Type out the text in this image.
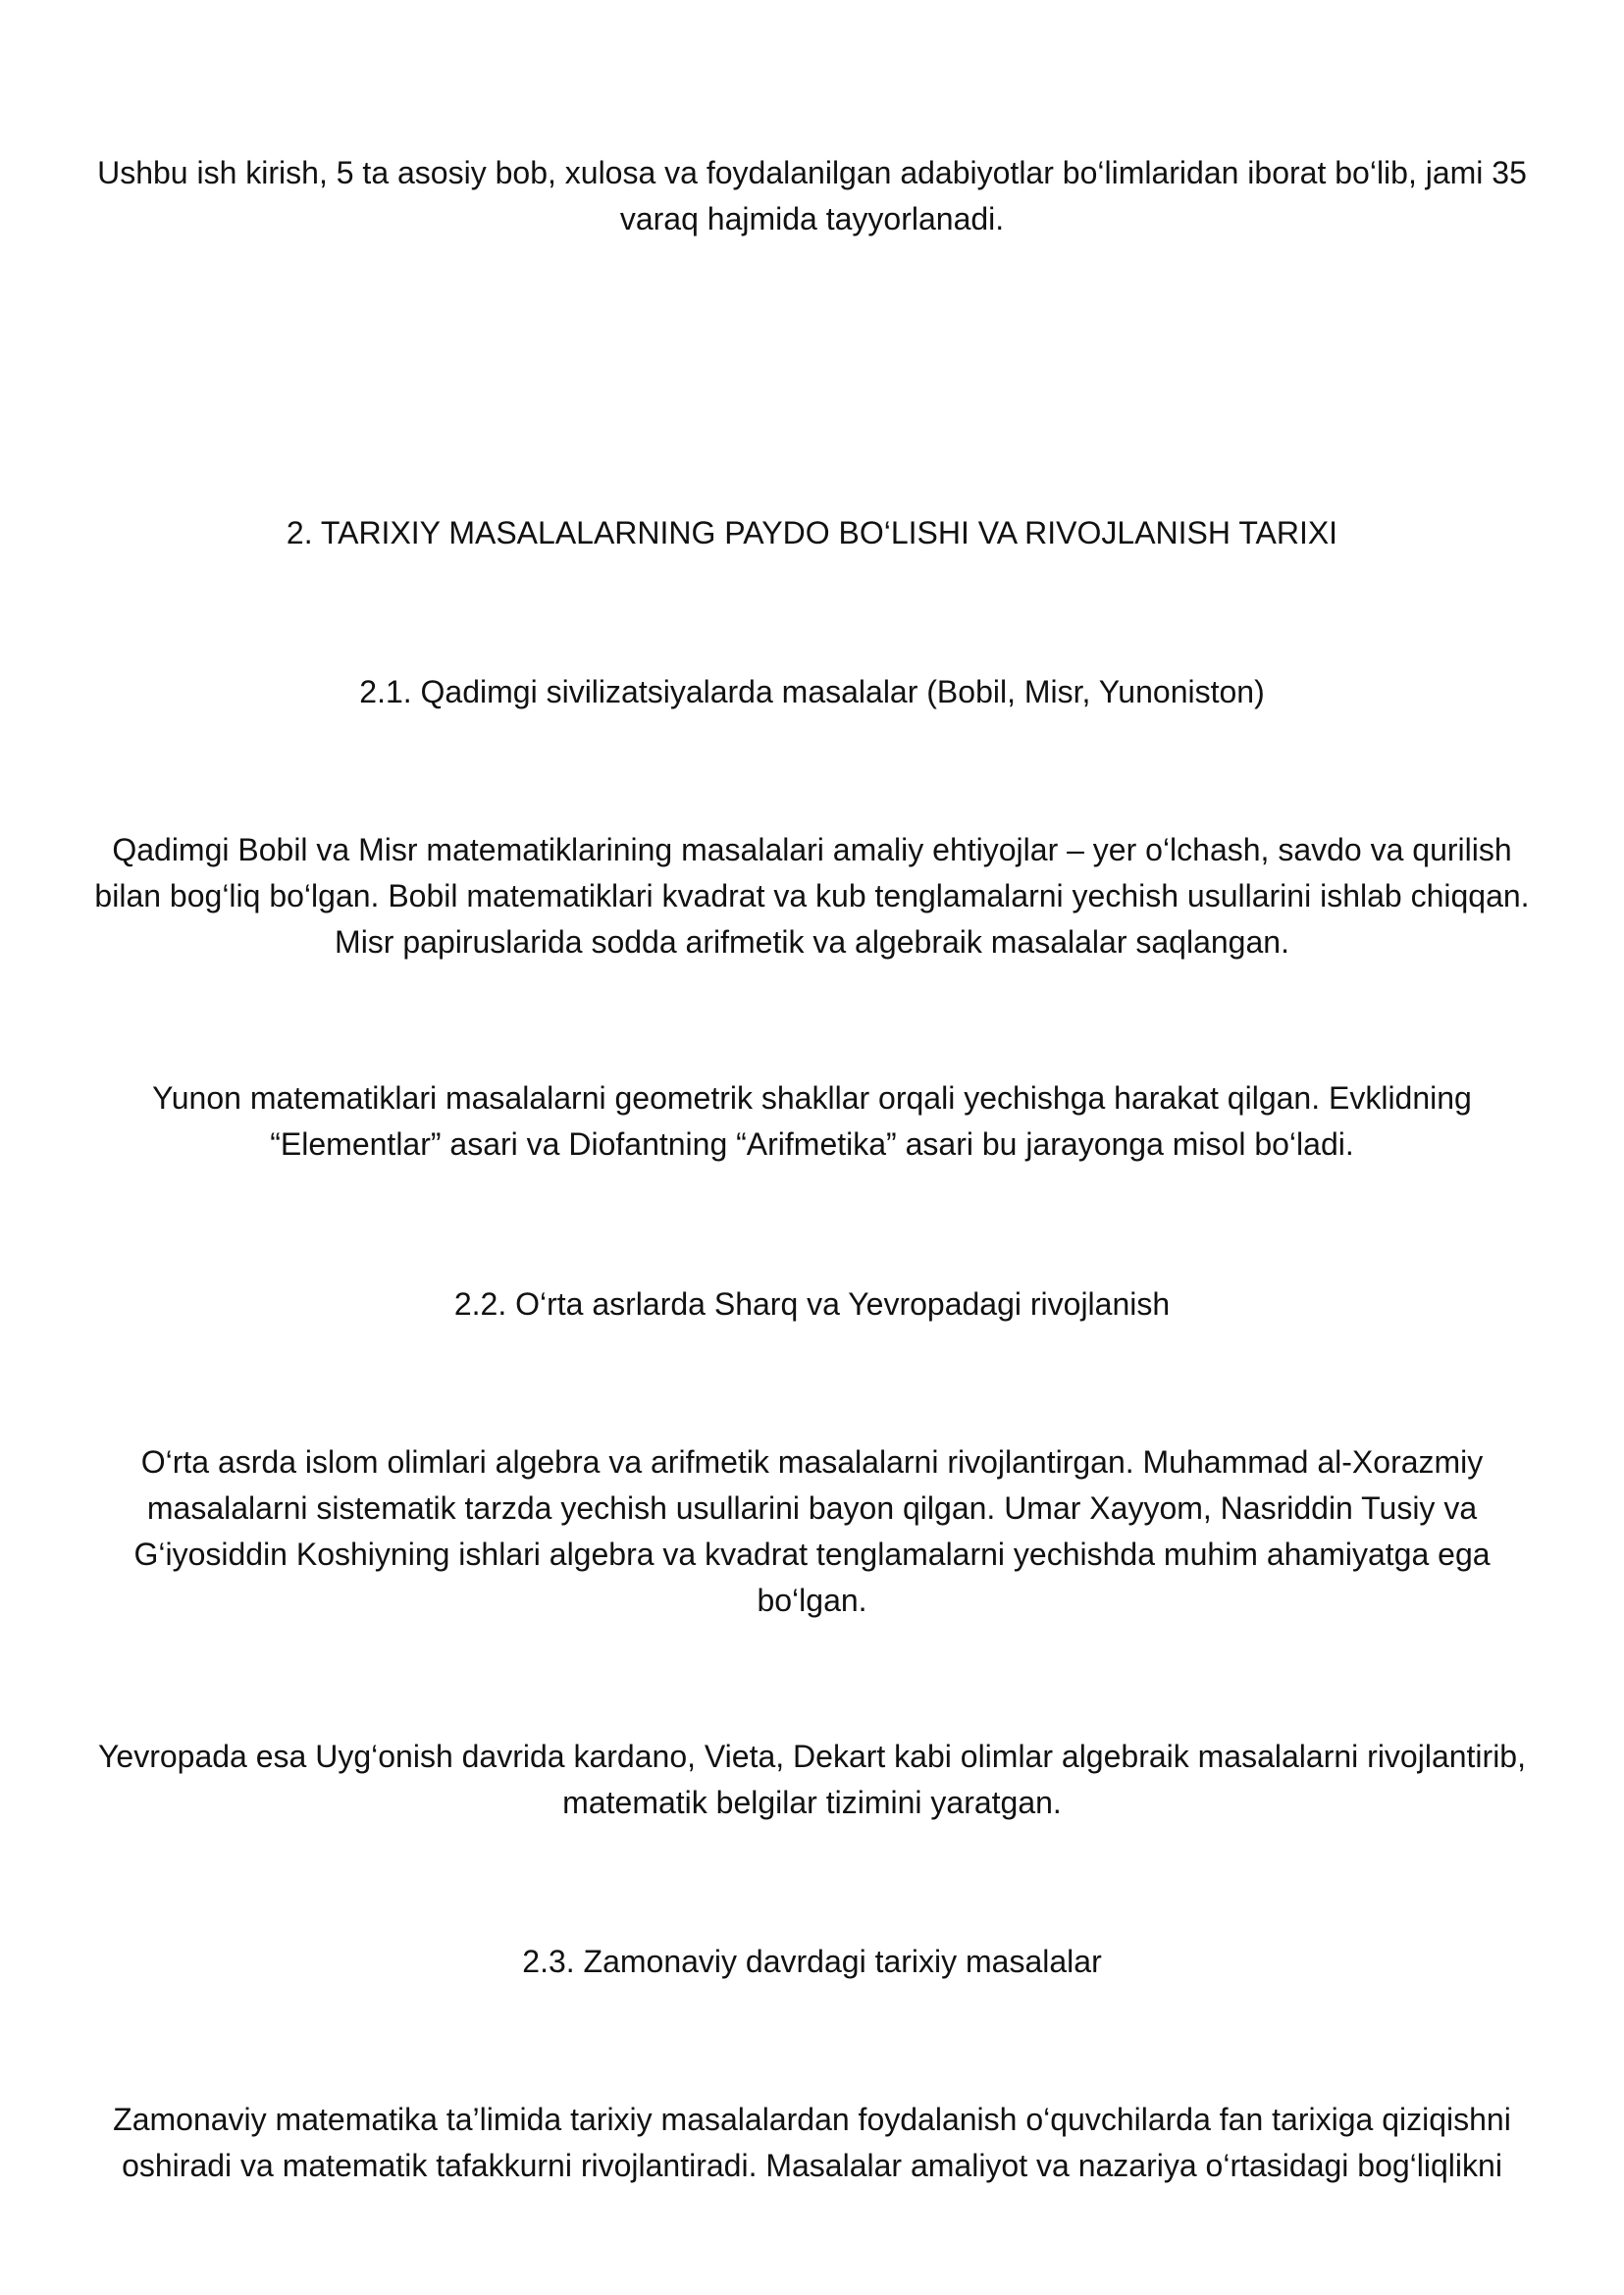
Ushbu ish kirish, 5 ta asosiy bob, xulosa va foydalanilgan adabiyotlar bo‘limlaridan iborat bo‘lib, jami 35 varaq hajmida tayyorlanadi.

2. TARIXIY MASALALARNING PAYDO BO‘LISHI VA RIVOJLANISH TARIXI
2.1. Qadimgi sivilizatsiyalarda masalalar (Bobil, Misr, Yunoniston)

Qadimgi Bobil va Misr matematiklarining masalalari amaliy ehtiyojlar – yer o‘lchash, savdo va qurilish bilan bog‘liq bo‘lgan. Bobil matematiklari kvadrat va kub tenglamalarni yechish usullarini ishlab chiqqan. Misr papiruslarida sodda arifmetik va algebraik masalalar saqlangan.

Yunon matematiklari masalalarni geometrik shakllar orqali yechishga harakat qilgan. Evklidning “Elementlar” asari va Diofantning “Arifmetika” asari bu jarayonga misol bo‘ladi.

2.2. O‘rta asrlarda Sharq va Yevropadagi rivojlanish

O‘rta asrda islom olimlari algebra va arifmetik masalalarni rivojlantirgan. Muhammad al-Xorazmiy masalalarni sistematik tarzda yechish usullarini bayon qilgan. Umar Xayyom, Nasriddin Tusiy va G‘iyosiddin Koshiyning ishlari algebra va kvadrat tenglamalarni yechishda muhim ahamiyatga ega bo‘lgan.

Yevropada esa Uyg‘onish davrida kardano, Vieta, Dekart kabi olimlar algebraik masalalarni rivojlantirib, matematik belgilar tizimini yaratgan.

2.3. Zamonaviy davrdagi tarixiy masalalar

Zamonaviy matematika ta’limida tarixiy masalalardan foydalanish o‘quvchilarda fan tarixiga qiziqishni oshiradi va matematik tafakkurni rivojlantiradi. Masalalar amaliyot va nazariya o‘rtasidagi bog‘liqlikni
